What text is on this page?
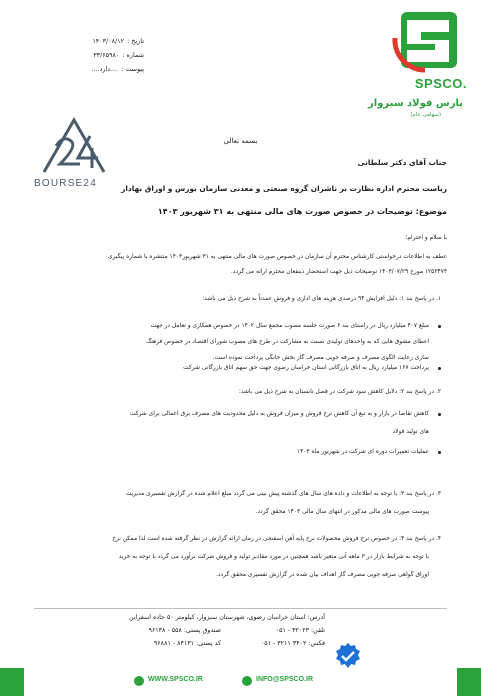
تاریخ :
۱۴۰۳/۰۸/۱۲
شماره :
۳۳/۶۵۹۸۰
پیوست :
....دارد....
SPSCO.
پارس فولاد سبزوار
(سهامی عام)
BOURSE24
بسمه تعالی
جناب آقای دکتر سلطانی
ریاست محترم اداره نظارت بر ناشران گروه صنعتی و معدنی سازمان بورس و اوراق بهادار
موضوع: توضیحات در خصوص صورت های مالی منتهی به ۳۱ شهریور ۱۴۰۳
با سلام و احترام؛
عطف به اطلاعات درخواستی کارشناس محترم آن سازمان در خصوص صورت های مالی منتهی به ۳۱ شهریور۱۴۰۳ منتشره با شماره پیگیری
۱۲۵۳۴۷۴ مورخ ۱۴۰۳/۰۷/۲۹ توضیحات ذیل جهت استحضار ذینفعان محترم ارائه می گردد.
۱. در پاسخ بند ۱: دلیل افزایش ۹۴ درصدی هزینه های اداری و فروش عمدتاً به شرح ذیل می باشد:
مبلغ ۴۰۷ میلیارد ریال در راستای بند ۶ صورت جلسه مصوب مجمع سال ۱۴۰۲ در خصوص همکاری و تعامل در جهت
اعطای مشوق هایی که به واحدهای تولیدی نسبت به مشارکت در طرح های مصوب شورای اقتصاد در خصوص فرهنگ
سازی رعایت الگوی مصرف و صرفه جویی مصرف گاز بخش خانگی پرداخت نموده است.
پرداخت ۱۶۷ میلیارد ریال به اتاق بازرگانی استان خراسان رضوی جهت حق سهم اتاق بازرگانی شرکت
۲. در پاسخ بند ۲: دلایل کاهش سود شرکت در فصل تابستان به شرح ذیل می باشد:
کاهش تقاضا در بازار و به تبع آن کاهش نرخ فروش و میزان فروش به دلیل محدودیت های مصرف برق اعمالی برای شرکت
های تولید فولاد
عملیات تعمیرات دوره ای شرکت در شهریور ماه ۱۴۰۳
۳. در پاسخ بند ۳: با توجه به اطلاعات و داده های سال های گذشته پیش بینی می گردد مبلغ اعلام شده در گزارش تفسیری مدیریت
پیوست صورت های مالی مذکور در انتهای سال مالی ۱۴۰۳ محقق گردد.
۴. در پاسخ بند ۴: در خصوص نرخ فروش محصولات نرخ پایه آهن اسفنجی در زمان ارائه گزارش در نظر گرفته شده است لذا ممکن نرخ
با توجه به شرایط بازار در ۳ ماهه آتی متغیر باشد همچنین در مورد مقادیر تولید و فروش شرکت برآورد می گردد با توجه به خرید
اوراق گواهی صرفه جویی مصرف گاز اهداف بیان شده در گزارش تفسیری محقق گردد.
آدرس: استان خراسان رضوی، شهرستان سبزوار، کیلومتر ۵۰ جاده اسفراین
تلفن: ۳۲۰۲۳ - ۰۵۱
صندوق پستی: ۵۵۸ - ۹۶۱۳۸
فکس: ۳۴۰۲ ۳۲۱۱ - ۰۵۱
کد پستی: ۸۴۱۳۱ - ۹۶۸۸۱
WWW.SPSCO.IR	INFO@SPSCO.IR
